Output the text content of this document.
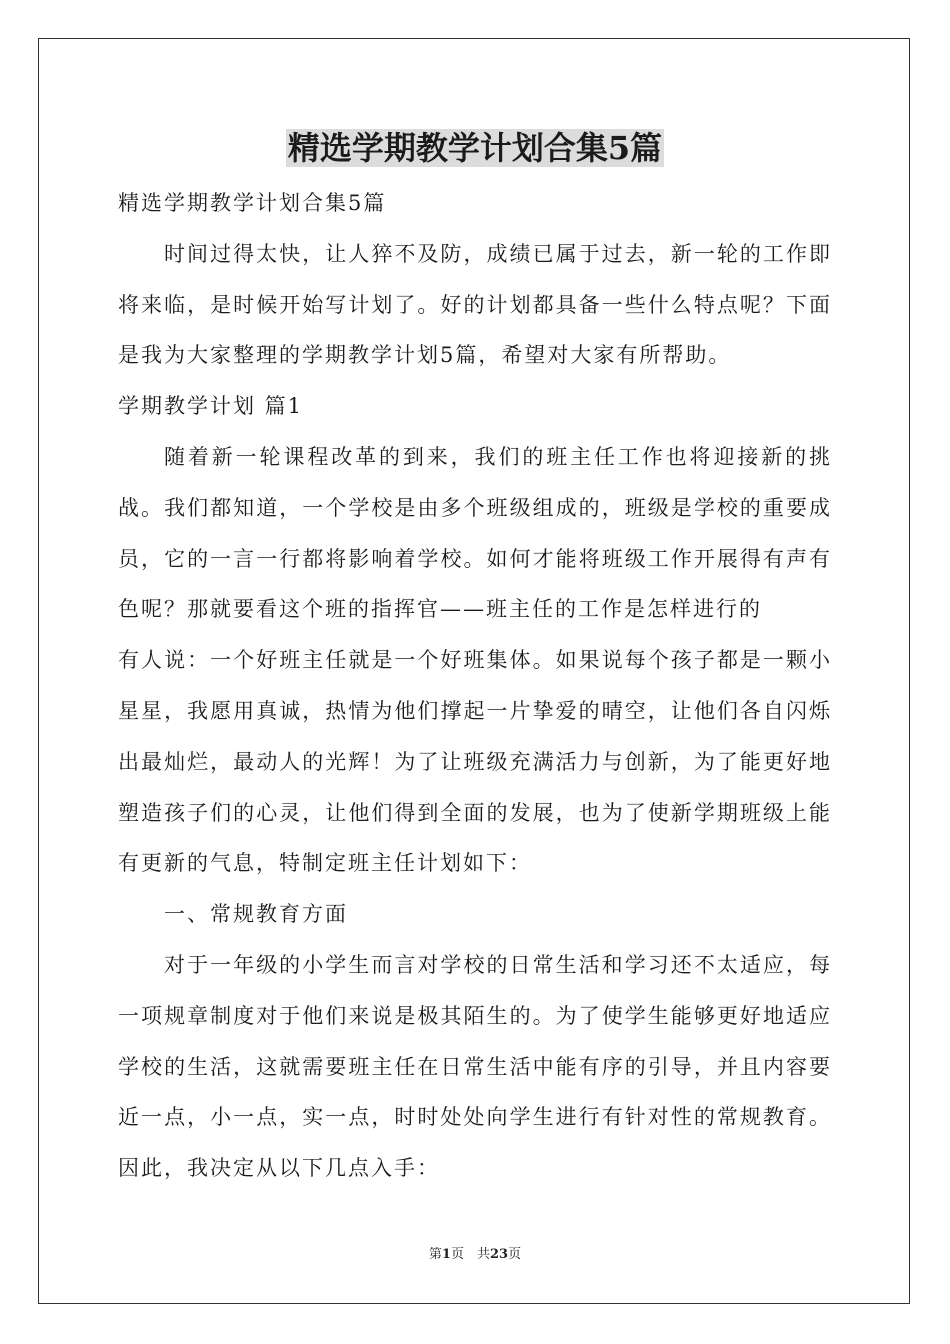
精选学期教学计划合集5篇

精选学期教学计划合集5篇

时间过得太快，让人猝不及防，成绩已属于过去，新一轮的工作即将来临，是时候开始写计划了。好的计划都具备一些什么特点呢？下面是我为大家整理的学期教学计划5篇，希望对大家有所帮助。

学期教学计划 篇1

随着新一轮课程改革的到来，我们的班主任工作也将迎接新的挑战。我们都知道，一个学校是由多个班级组成的，班级是学校的重要成员，它的一言一行都将影响着学校。如何才能将班级工作开展得有声有色呢？那就要看这个班的指挥官——班主任的工作是怎样进行的

有人说：一个好班主任就是一个好班集体。如果说每个孩子都是一颗小星星，我愿用真诚，热情为他们撑起一片挚爱的晴空，让他们各自闪烁出最灿烂，最动人的光辉！为了让班级充满活力与创新，为了能更好地塑造孩子们的心灵，让他们得到全面的发展，也为了使新学期班级上能有更新的气息，特制定班主任计划如下：

一、常规教育方面

对于一年级的小学生而言对学校的日常生活和学习还不太适应，每一项规章制度对于他们来说是极其陌生的。为了使学生能够更好地适应学校的生活，这就需要班主任在日常生活中能有序的引导，并且内容要近一点，小一点，实一点，时时处处向学生进行有针对性的常规教育。因此，我决定从以下几点入手：

第1页　共23页
